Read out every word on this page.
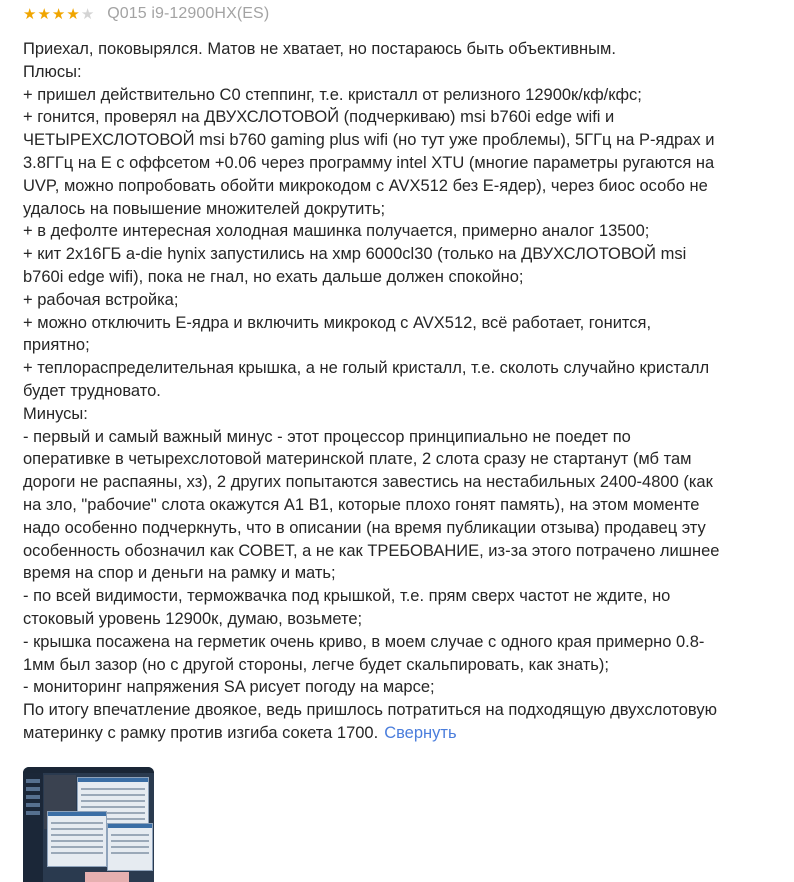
★ ★ ★ ★ ★ Q015 i9-12900HX(ES)
Приехал, поковырялся. Матов не хватает, но постараюсь быть объективным.
Плюсы:
+ пришел действительно C0 степпинг, т.е. кристалл от релизного 12900к/кф/кфс;
+ гонится, проверял на ДВУХСЛОТОВОЙ (подчеркиваю) msi b760i edge wifi и
ЧЕТЫРЕХСЛОТОВОЙ msi b760 gaming plus wifi (но тут уже проблемы), 5ГГц на P-ядрах и
3.8ГГц на E с оффсетом +0.06 через программу intel XTU (многие параметры ругаются на
UVP, можно попробовать обойти микрокодом с AVX512 без E-ядер), через биос особо не
удалось на повышение множителей докрутить;
+ в дефолте интересная холодная машинка получается, примерно аналог 13500;
+ кит 2х16ГБ a-die hynix запустились на хмр 6000cl30 (только на ДВУХСЛОТОВОЙ msi
b760i edge wifi), пока не гнал, но ехать дальше должен спокойно;
+ рабочая встройка;
+ можно отключить E-ядра и включить микрокод с AVX512, всё работает, гонится,
приятно;
+ теплораспределительная крышка, а не голый кристалл, т.е. сколоть случайно кристалл
будет трудновато.
Минусы:
- первый и самый важный минус - этот процессор принципиально не поедет по
оперативке в четырехслотовой материнской плате, 2 слота сразу не стартанут (мб там
дороги не распаяны, хз), 2 других попытаются завестись на нестабильных 2400-4800 (как
на зло, "рабочие" слота окажутся A1 B1, которые плохо гонят память), на этом моменте
надо особенно подчеркнуть, что в описании (на время публикации отзыва) продавец эту
особенность обозначил как СОВЕТ, а не как ТРЕБОВАНИЕ, из-за этого потрачено лишнее
время на спор и деньги на рамку и мать;
- по всей видимости, терможвачка под крышкой, т.е. прям сверх частот не ждите, но
стоковый уровень 12900к, думаю, возьмете;
- крышка посажена на герметик очень криво, в моем случае с одного края примерно 0.8-
1мм был зазор (но с другой стороны, легче будет скальпировать, как знать);
- мониторинг напряжения SA рисует погоду на марсе;
По итогу впечатление двоякое, ведь пришлось потратиться на подходящую двухслотовую
материнку с рамку против изгиба сокета 1700. Свернуть
